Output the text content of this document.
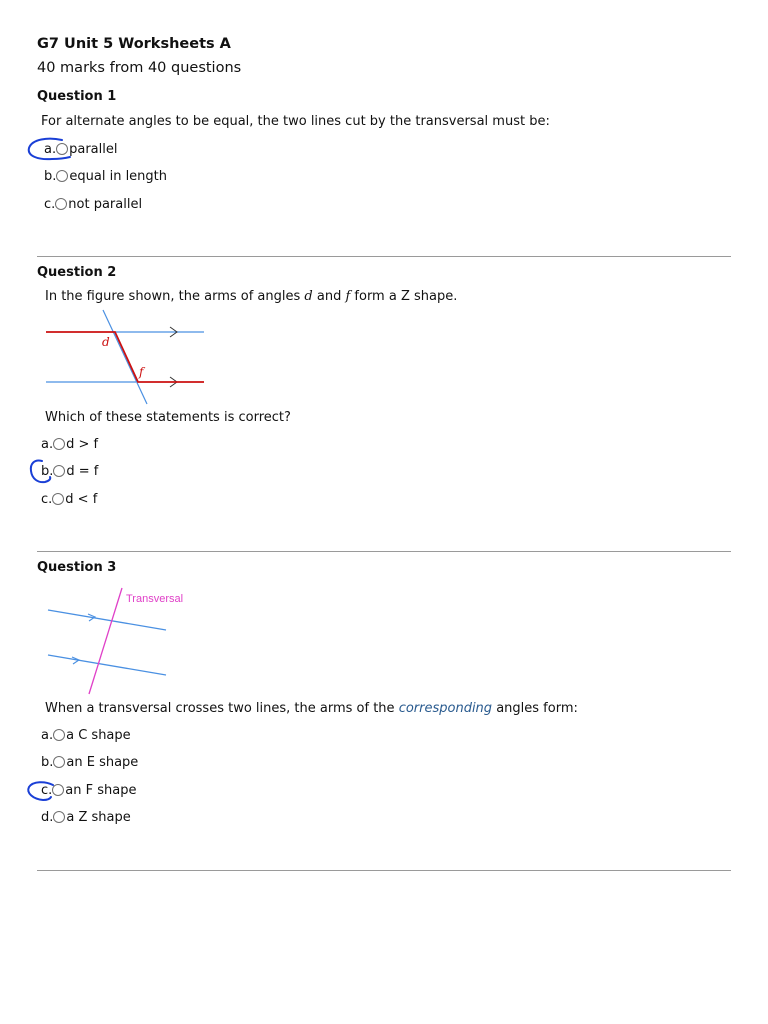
G7 Unit 5 Worksheets A
40 marks from 40 questions
Question 1
For alternate angles to be equal, the two lines cut by the transversal must be:
a. parallel
b. equal in length
c. not parallel
Question 2
In the figure shown, the arms of angles d and f form a Z shape.
d
f
Which of these statements is correct?
a. d > f
b. d = f
c. d < f
Question 3
Transversal
When a transversal crosses two lines, the arms of the corresponding angles form:
a. a C shape
b. an E shape
c. an F shape
d. a Z shape
